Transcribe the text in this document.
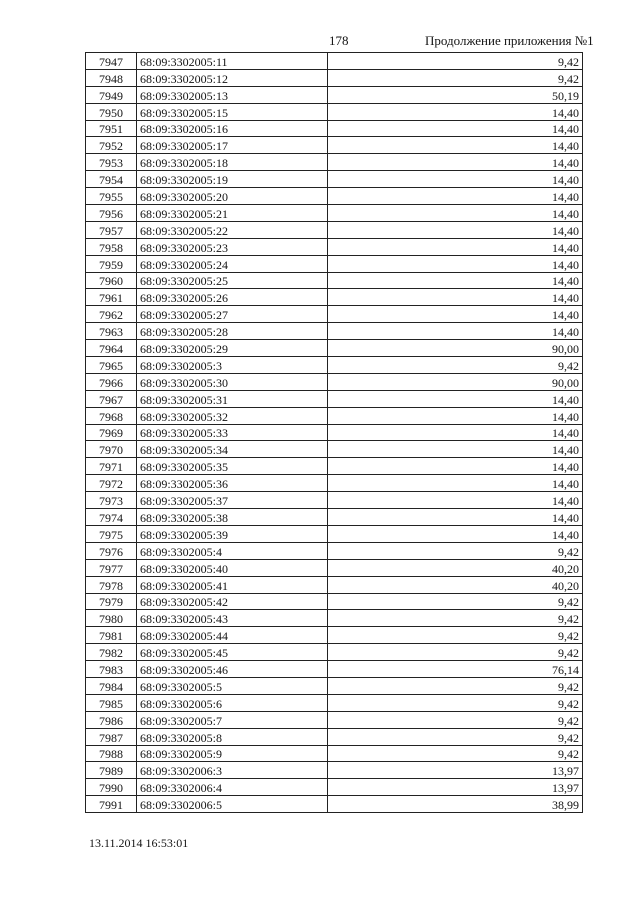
178	Продолжение приложения №1
7947	68:09:3302005:11	9,42
7948	68:09:3302005:12	9,42
7949	68:09:3302005:13	50,19
7950	68:09:3302005:15	14,40
7951	68:09:3302005:16	14,40
7952	68:09:3302005:17	14,40
7953	68:09:3302005:18	14,40
7954	68:09:3302005:19	14,40
7955	68:09:3302005:20	14,40
7956	68:09:3302005:21	14,40
7957	68:09:3302005:22	14,40
7958	68:09:3302005:23	14,40
7959	68:09:3302005:24	14,40
7960	68:09:3302005:25	14,40
7961	68:09:3302005:26	14,40
7962	68:09:3302005:27	14,40
7963	68:09:3302005:28	14,40
7964	68:09:3302005:29	90,00
7965	68:09:3302005:3	9,42
7966	68:09:3302005:30	90,00
7967	68:09:3302005:31	14,40
7968	68:09:3302005:32	14,40
7969	68:09:3302005:33	14,40
7970	68:09:3302005:34	14,40
7971	68:09:3302005:35	14,40
7972	68:09:3302005:36	14,40
7973	68:09:3302005:37	14,40
7974	68:09:3302005:38	14,40
7975	68:09:3302005:39	14,40
7976	68:09:3302005:4	9,42
7977	68:09:3302005:40	40,20
7978	68:09:3302005:41	40,20
7979	68:09:3302005:42	9,42
7980	68:09:3302005:43	9,42
7981	68:09:3302005:44	9,42
7982	68:09:3302005:45	9,42
7983	68:09:3302005:46	76,14
7984	68:09:3302005:5	9,42
7985	68:09:3302005:6	9,42
7986	68:09:3302005:7	9,42
7987	68:09:3302005:8	9,42
7988	68:09:3302005:9	9,42
7989	68:09:3302006:3	13,97
7990	68:09:3302006:4	13,97
7991	68:09:3302006:5	38,99
13.11.2014 16:53:01
